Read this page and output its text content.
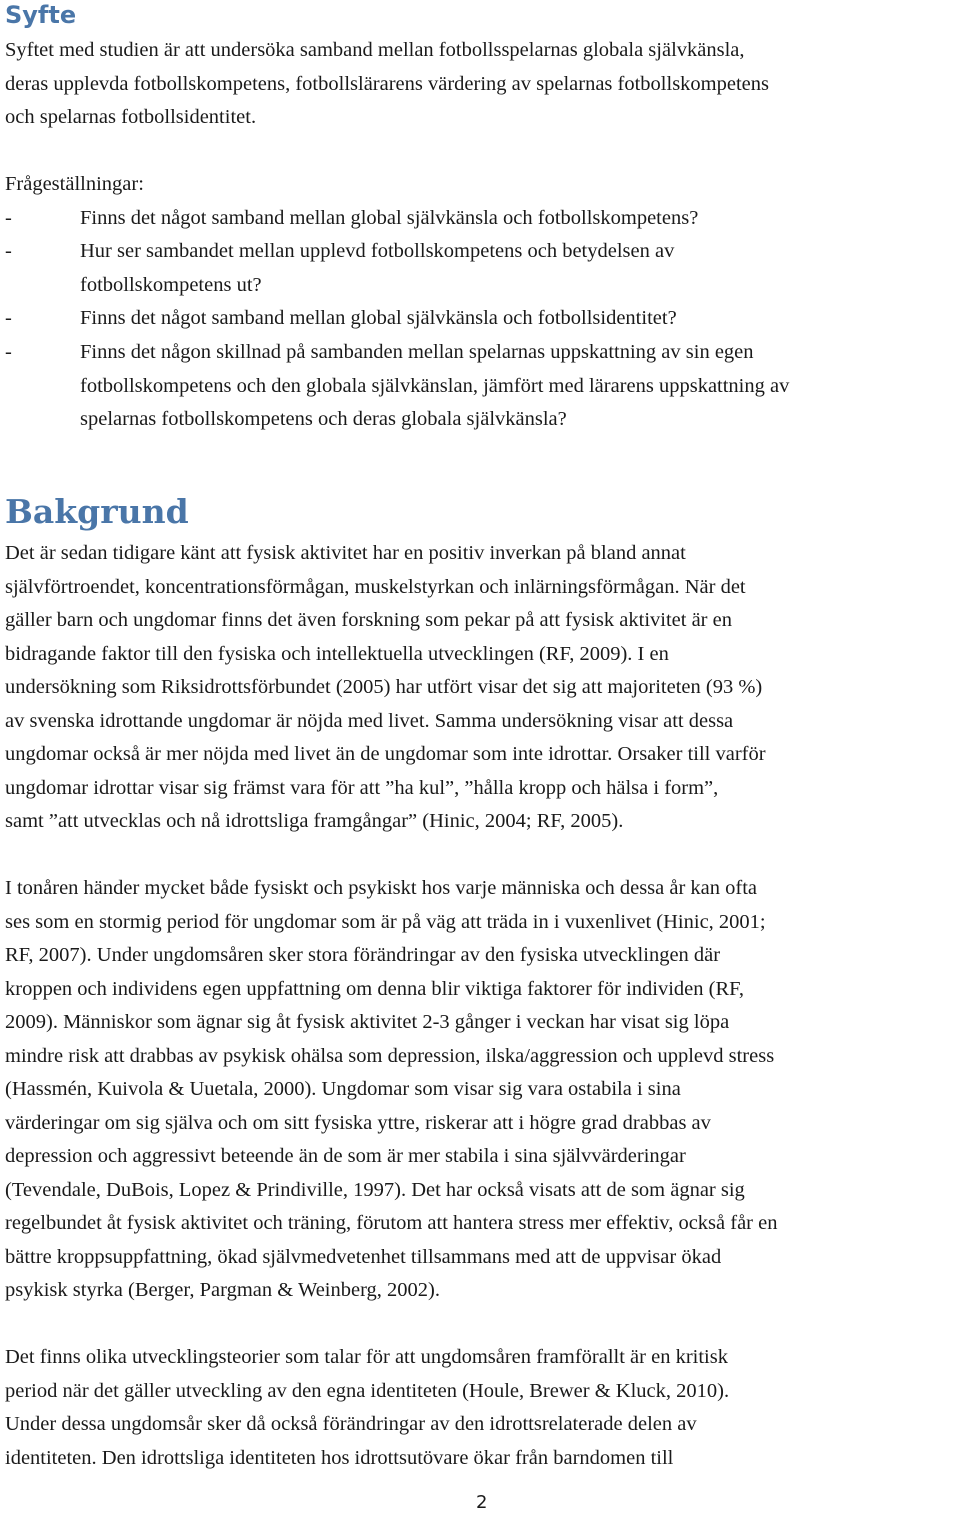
Syfte

Syftet med studien är att undersöka samband mellan fotbollsspelarnas globala självkänsla,

deras upplevda fotbollskompetens, fotbollslärarens värdering av spelarnas fotbollskompetens

och spelarnas fotbollsidentitet.

Frågeställningar:

-	Finns det något samband mellan global självkänsla och fotbollskompetens?
-	Hur ser sambandet mellan upplevd fotbollskompetens och betydelsen av
fotbollskompetens ut?
-	Finns det något samband mellan global självkänsla och fotbollsidentitet?
-	Finns det någon skillnad på sambanden mellan spelarnas uppskattning av sin egen
fotbollskompetens och den globala självkänslan, jämfört med lärarens uppskattning av
spelarnas fotbollskompetens och deras globala självkänsla?
Bakgrund

Det är sedan tidigare känt att fysisk aktivitet har en positiv inverkan på bland annat

självförtroendet, koncentrationsförmågan, muskelstyrkan och inlärningsförmågan. När det

gäller barn och ungdomar finns det även forskning som pekar på att fysisk aktivitet är en

bidragande faktor till den fysiska och intellektuella utvecklingen (RF, 2009). I en

undersökning som Riksidrottsförbundet (2005) har utfört visar det sig att majoriteten (93 %)

av svenska idrottande ungdomar är nöjda med livet. Samma undersökning visar att dessa

ungdomar också är mer nöjda med livet än de ungdomar som inte idrottar. Orsaker till varför

ungdomar idrottar visar sig främst vara för att ”ha kul”, ”hålla kropp och hälsa i form”,

samt ”att utvecklas och nå idrottsliga framgångar” (Hinic, 2004; RF, 2005).

I tonåren händer mycket både fysiskt och psykiskt hos varje människa och dessa år kan ofta

ses som en stormig period för ungdomar som är på väg att träda in i vuxenlivet (Hinic, 2001;

RF, 2007). Under ungdomsåren sker stora förändringar av den fysiska utvecklingen där

kroppen och individens egen uppfattning om denna blir viktiga faktorer för individen (RF,

2009). Människor som ägnar sig åt fysisk aktivitet 2-3 gånger i veckan har visat sig löpa

mindre risk att drabbas av psykisk ohälsa som depression, ilska/aggression och upplevd stress

(Hassmén, Kuivola & Uuetala, 2000). Ungdomar som visar sig vara ostabila i sina

värderingar om sig själva och om sitt fysiska yttre, riskerar att i högre grad drabbas av

depression och aggressivt beteende än de som är mer stabila i sina självvärderingar

(Tevendale, DuBois, Lopez & Prindiville, 1997). Det har också visats att de som ägnar sig

regelbundet åt fysisk aktivitet och träning, förutom att hantera stress mer effektiv, också får en

bättre kroppsuppfattning, ökad självmedvetenhet tillsammans med att de uppvisar ökad

psykisk styrka (Berger, Pargman & Weinberg, 2002).

Det finns olika utvecklingsteorier som talar för att ungdomsåren framförallt är en kritisk

period när det gäller utveckling av den egna identiteten (Houle, Brewer & Kluck, 2010).

Under dessa ungdomsår sker då också förändringar av den idrottsrelaterade delen av

identiteten. Den idrottsliga identiteten hos idrottsutövare ökar från barndomen till

2
